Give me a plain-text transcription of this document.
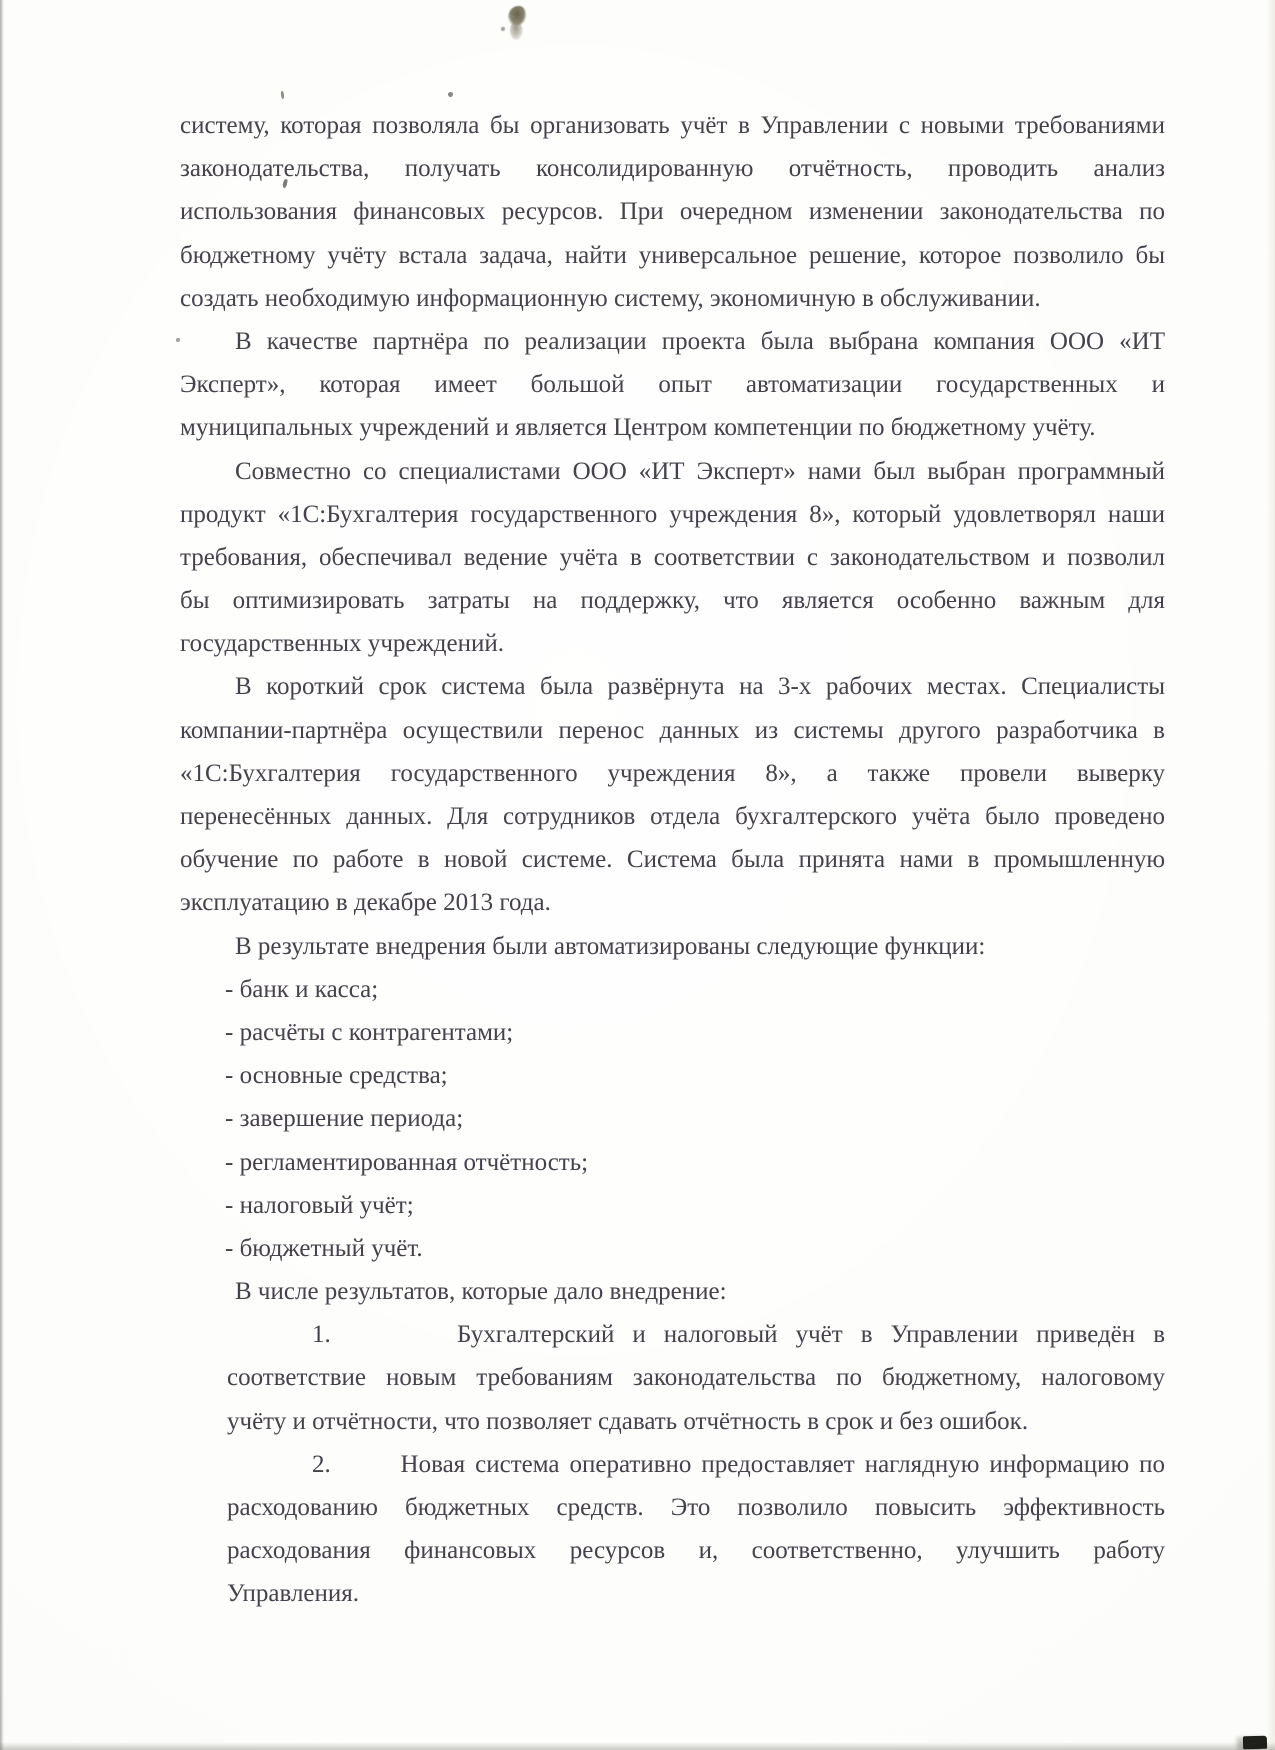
систему, которая позволяла бы организовать учёт в Управлении с новыми требованиями
законодательства, получать консолидированную отчётность, проводить анализ
использования финансовых ресурсов. При очередном изменении законодательства по
бюджетному учёту встала задача, найти универсальное решение, которое позволило бы
создать необходимую информационную систему, экономичную в обслуживании.
В качестве партнёра по реализации проекта была выбрана компания ООО «ИТ
Эксперт», которая имеет большой опыт автоматизации государственных и
муниципальных учреждений и является Центром компетенции по бюджетному учёту.
Совместно со специалистами ООО «ИТ Эксперт» нами был выбран программный
продукт «1С:Бухгалтерия государственного учреждения 8», который удовлетворял наши
требования, обеспечивал ведение учёта в соответствии с законодательством и позволил
бы оптимизировать затраты на поддержку, что является особенно важным для
государственных учреждений.
В короткий срок система была развёрнута на 3-х рабочих местах. Специалисты
компании-партнёра осуществили перенос данных из системы другого разработчика в
«1С:Бухгалтерия государственного учреждения 8», а также провели выверку
перенесённых данных. Для сотрудников отдела бухгалтерского учёта было проведено
обучение по работе в новой системе. Система была принята нами в промышленную
эксплуатацию в декабре 2013 года.
В результате внедрения были автоматизированы следующие функции:
- банк и касса;
- расчёты с контрагентами;
- основные средства;
- завершение периода;
- регламентированная отчётность;
- налоговый учёт;
- бюджетный учёт.
В числе результатов, которые дало внедрение:
1.       Бухгалтерский и налоговый учёт в Управлении приведён в
соответствие новым требованиям законодательства по бюджетному, налоговому
учёту и отчётности, что позволяет сдавать отчётность в срок и без ошибок.
2.       Новая система оперативно предоставляет наглядную информацию по
расходованию бюджетных средств. Это позволило повысить эффективность
расходования финансовых ресурсов и, соответственно, улучшить работу
Управления.
